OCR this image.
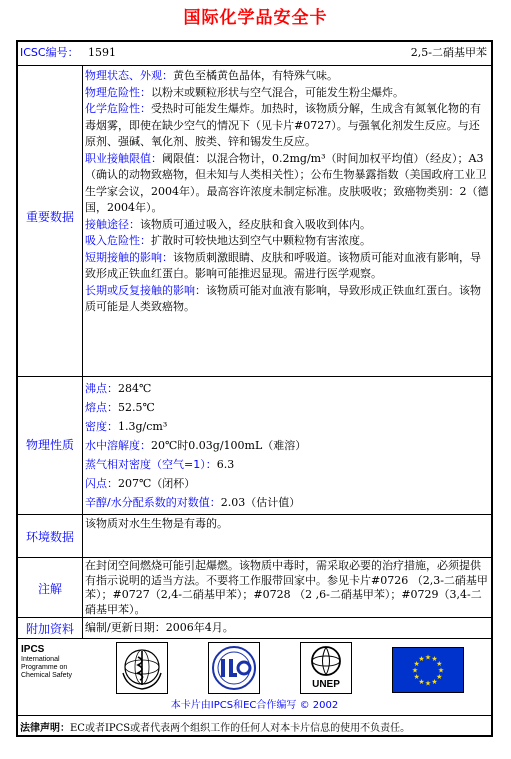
国际化学品安全卡
ICSC编号： 1591	2,5-二硝基甲苯
重要数据

物理状态、外观：黄色至橘黄色晶体，有特殊气味。

物理危险性：以粉末或颗粒形状与空气混合，可能发生粉尘爆炸。

化学危险性：受热时可能发生爆炸。加热时，该物质分解，生成含有氮氧化物的有毒烟雾，即使在缺少空气的情况下（见卡片#0727）。与强氧化剂发生反应。与还原剂、强碱、氧化剂、胺类、锌和锡发生反应。

职业接触限值：阈限值：以混合物计，0.2mg/m³（时间加权平均值）（经皮）；A3（确认的动物致癌物，但未知与人类相关性）；公布生物暴露指数（美国政府工业卫生学家会议，2004年）。最高容许浓度未制定标准。皮肤吸收；致癌物类别：2（德国，2004年）。

接触途径：该物质可通过吸入，经皮肤和食入吸收到体内。

吸入危险性：扩散时可较快地达到空气中颗粒物有害浓度。

短期接触的影响：该物质刺激眼睛、皮肤和呼吸道。该物质可能对血液有影响，导致形成正铁血红蛋白。影响可能推迟显现。需进行医学观察。

长期或反复接触的影响：该物质可能对血液有影响，导致形成正铁血红蛋白。该物质可能是人类致癌物。

物理性质

沸点：284℃

熔点：52.5℃

密度：1.3g/cm³

水中溶解度：20℃时0.03g/100mL（难溶）

蒸气相对密度（空气=1）：6.3

闪点：207℃（闭杯）

辛醇/水分配系数的对数值：2.03（估计值）

环境数据
该物质对水生生物是有毒的。
注解
在封闭空间燃烧可能引起爆燃。该物质中毒时，需采取必要的治疗措施，必须提供有指示说明的适当方法。不要将工作服带回家中。参见卡片#0726 （2,3-二硝基甲苯）；#0727（2,4-二硝基甲苯）；#0728 （2 ,6-二硝基甲苯）；#0729（3,4-二硝基甲苯）。
附加资料	编制/更新日期：2006年4月。
IPCS
International
Programme on
Chemical Safety
UNEP
★ ★
★
★
★
★
★
★
★
★
★
★
本卡片由IPCS和EC合作编写 © 2002
法律声明：EC或者IPCS或者代表两个组织工作的任何人对本卡片信息的使用不负责任。
